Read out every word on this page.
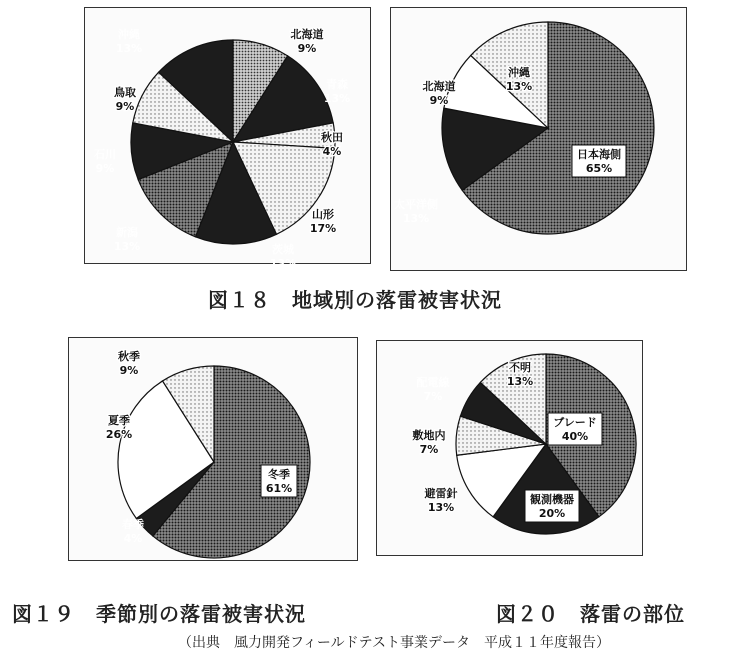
北海道
9%
青森
13%
秋田
4%
山形
17%
茨城
13%
新潟
13%
石川
9%
鳥取
9%
沖縄
13%
日本海側
65%
太平洋側
13%
北海道
9%
沖縄
13%
図１８　地域別の落雷被害状況
冬季
61%
春季
4%
夏季
26%
秋季
9%
ブレード
40%
観測機器
20%
避雷針
13%
敷地内
7%
配電線
7%
不明
13%
図１９　季節別の落雷被害状況	図２０　落雷の部位
（出典　風力開発フィールドテスト事業データ　平成１１年度報告）
